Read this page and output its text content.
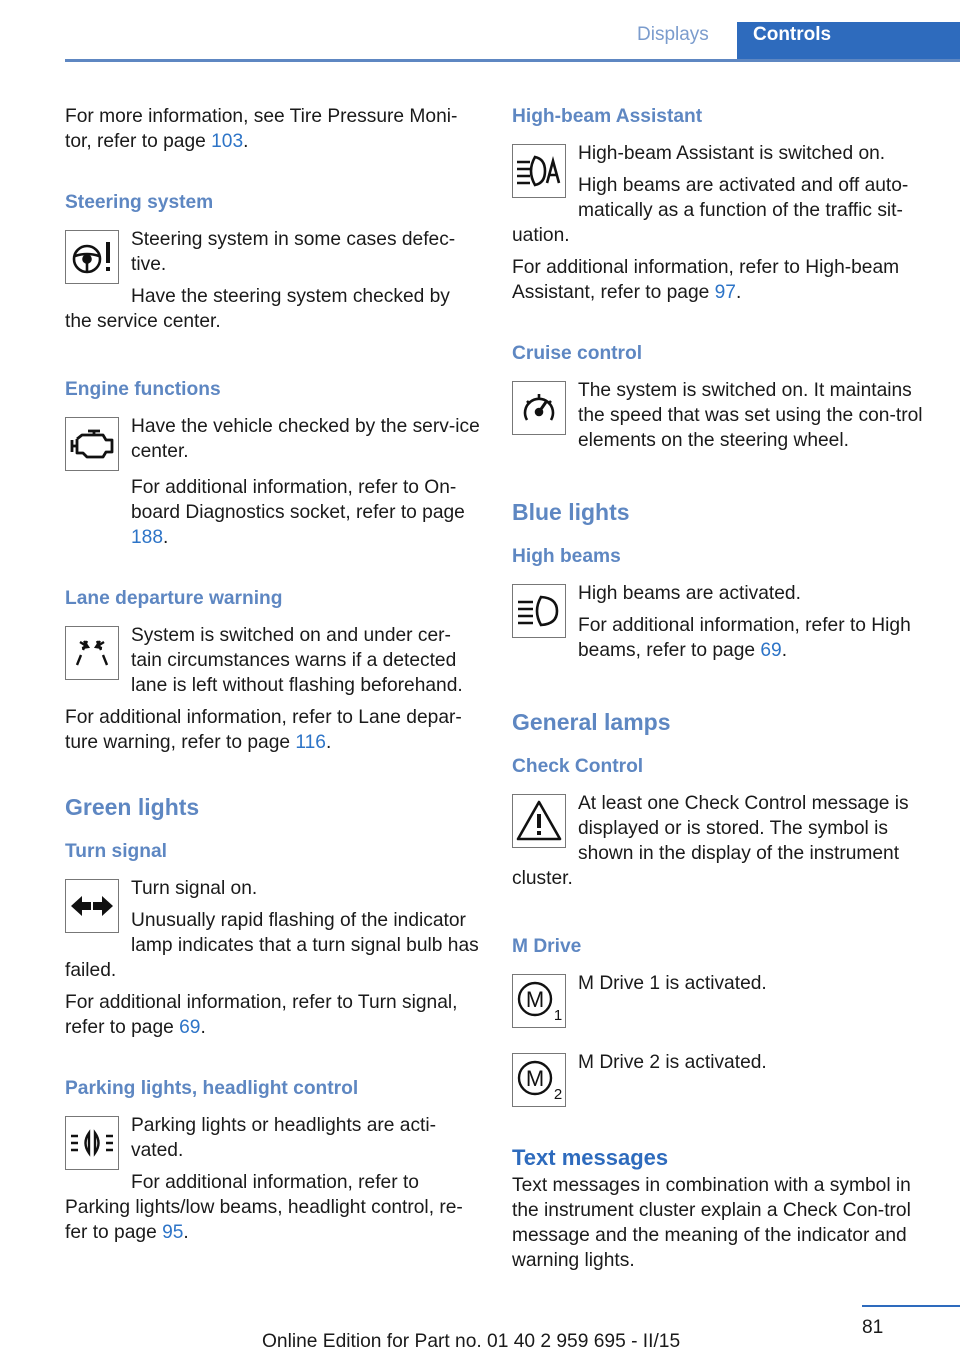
Displays Controls

For more information, see Tire Pressure Moni-tor, refer to page 103.

Steering system

Steering system in some cases defec-tive.

Have the steering system checked by the service center.

Engine functions

Have the vehicle checked by the serv-ice center.

For additional information, refer to On-board Diagnostics socket, refer to page 188.

Lane departure warning

System is switched on and under cer-tain circumstances warns if a detected lane is left without flashing beforehand.

For additional information, refer to Lane depar-ture warning, refer to page 116.

Green lights
Turn signal

Turn signal on.

Unusually rapid flashing of the indicator lamp indicates that a turn signal bulb has failed.

For additional information, refer to Turn signal, refer to page 69.

Parking lights, headlight control

Parking lights or headlights are acti-vated.

For additional information, refer to Parking lights/low beams, headlight control, re-fer to page 95.

High-beam Assistant

High-beam Assistant is switched on.

High beams are activated and off auto-matically as a function of the traffic sit-uation.

For additional information, refer to High-beam Assistant, refer to page 97.

Cruise control

The system is switched on. It maintains the speed that was set using the con-trol elements on the steering wheel.

Blue lights
High beams

High beams are activated.

For additional information, refer to High beams, refer to page 69.

General lamps
Check Control

At least one Check Control message is displayed or is stored. The symbol is shown in the display of the instrument cluster.

M Drive
M
1

M Drive 1 is activated.

M
2

M Drive 2 is activated.

Text messages

Text messages in combination with a symbol in the instrument cluster explain a Check Con-trol message and the meaning of the indicator and warning lights.

81
Online Edition for Part no. 01 40 2 959 695 - II/15
